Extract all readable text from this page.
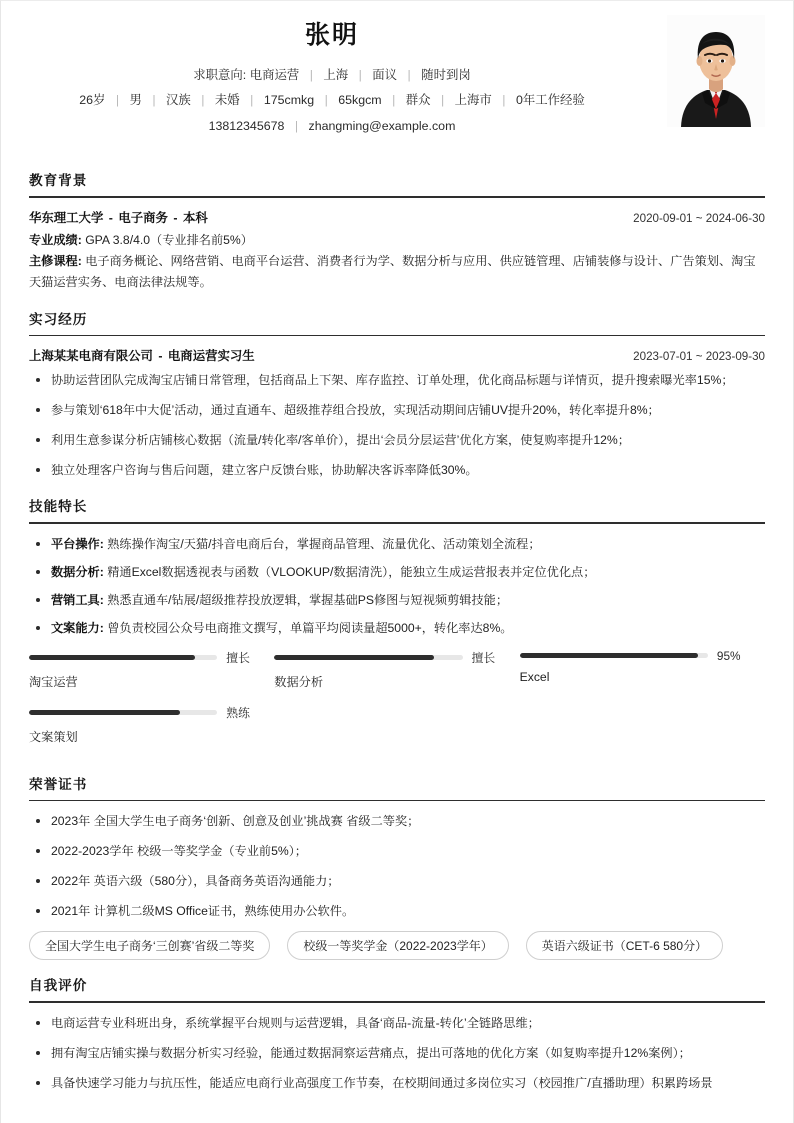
张明
求职意向: 电商运营 | 上海 | 面议 | 随时到岗
26岁 | 男 | 汉族 | 未婚 | 175cmkg | 65kgcm | 群众 | 上海市 | 0年工作经验
13812345678 | zhangming@example.com
教育背景
华东理工大学 - 电子商务 - 本科	2020-09-01 ~ 2024-06-30
专业成绩: GPA 3.8/4.0（专业排名前5%）
主修课程: 电子商务概论、网络营销、电商平台运营、消费者行为学、数据分析与应用、供应链管理、店铺装修与设计、广告策划、淘宝天猫运营实务、电商法律法规等。
实习经历
上海某某电商有限公司 - 电商运营实习生	2023-07-01 ~ 2023-09-30
协助运营团队完成淘宝店铺日常管理，包括商品上下架、库存监控、订单处理，优化商品标题与详情页，提升搜索曝光率15%；
参与策划‘618年中大促’活动，通过直通车、超级推荐组合投放，实现活动期间店铺UV提升20%，转化率提升8%；
利用生意参谋分析店铺核心数据（流量/转化率/客单价），提出‘会员分层运营’优化方案，使复购率提升12%；
独立处理客户咨询与售后问题，建立客户反馈台账，协助解决客诉率降低30%。
技能特长
平台操作: 熟练操作淘宝/天猫/抖音电商后台，掌握商品管理、流量优化、活动策划全流程；
数据分析: 精通Excel数据透视表与函数（VLOOKUP/数据清洗），能独立生成运营报表并定位优化点；
营销工具: 熟悉直通车/钻展/超级推荐投放逻辑，掌握基础PS修图与短视频剪辑技能；
文案能力: 曾负责校园公众号电商推文撰写，单篇平均阅读量超5000+，转化率达8%。
擅长
淘宝运营
擅长
数据分析
95%
Excel
熟练
文案策划
荣誉证书
2023年 全国大学生电子商务‘创新、创意及创业’挑战赛 省级二等奖；
2022-2023学年 校级一等奖学金（专业前5%）；
2022年 英语六级（580分），具备商务英语沟通能力；
2021年 计算机二级MS Office证书，熟练使用办公软件。
全国大学生电子商务‘三创赛’省级二等奖	校级一等奖学金（2022-2023学年）	英语六级证书（CET-6 580分）
自我评价
电商运营专业科班出身，系统掌握平台规则与运营逻辑，具备‘商品-流量-转化’全链路思维；
拥有淘宝店铺实操与数据分析实习经验，能通过数据洞察运营痛点，提出可落地的优化方案（如复购率提升12%案例）；
具备快速学习能力与抗压性，能适应电商行业高强度工作节奏，在校期间通过多岗位实习（校园推广/直播助理）积累跨场景
